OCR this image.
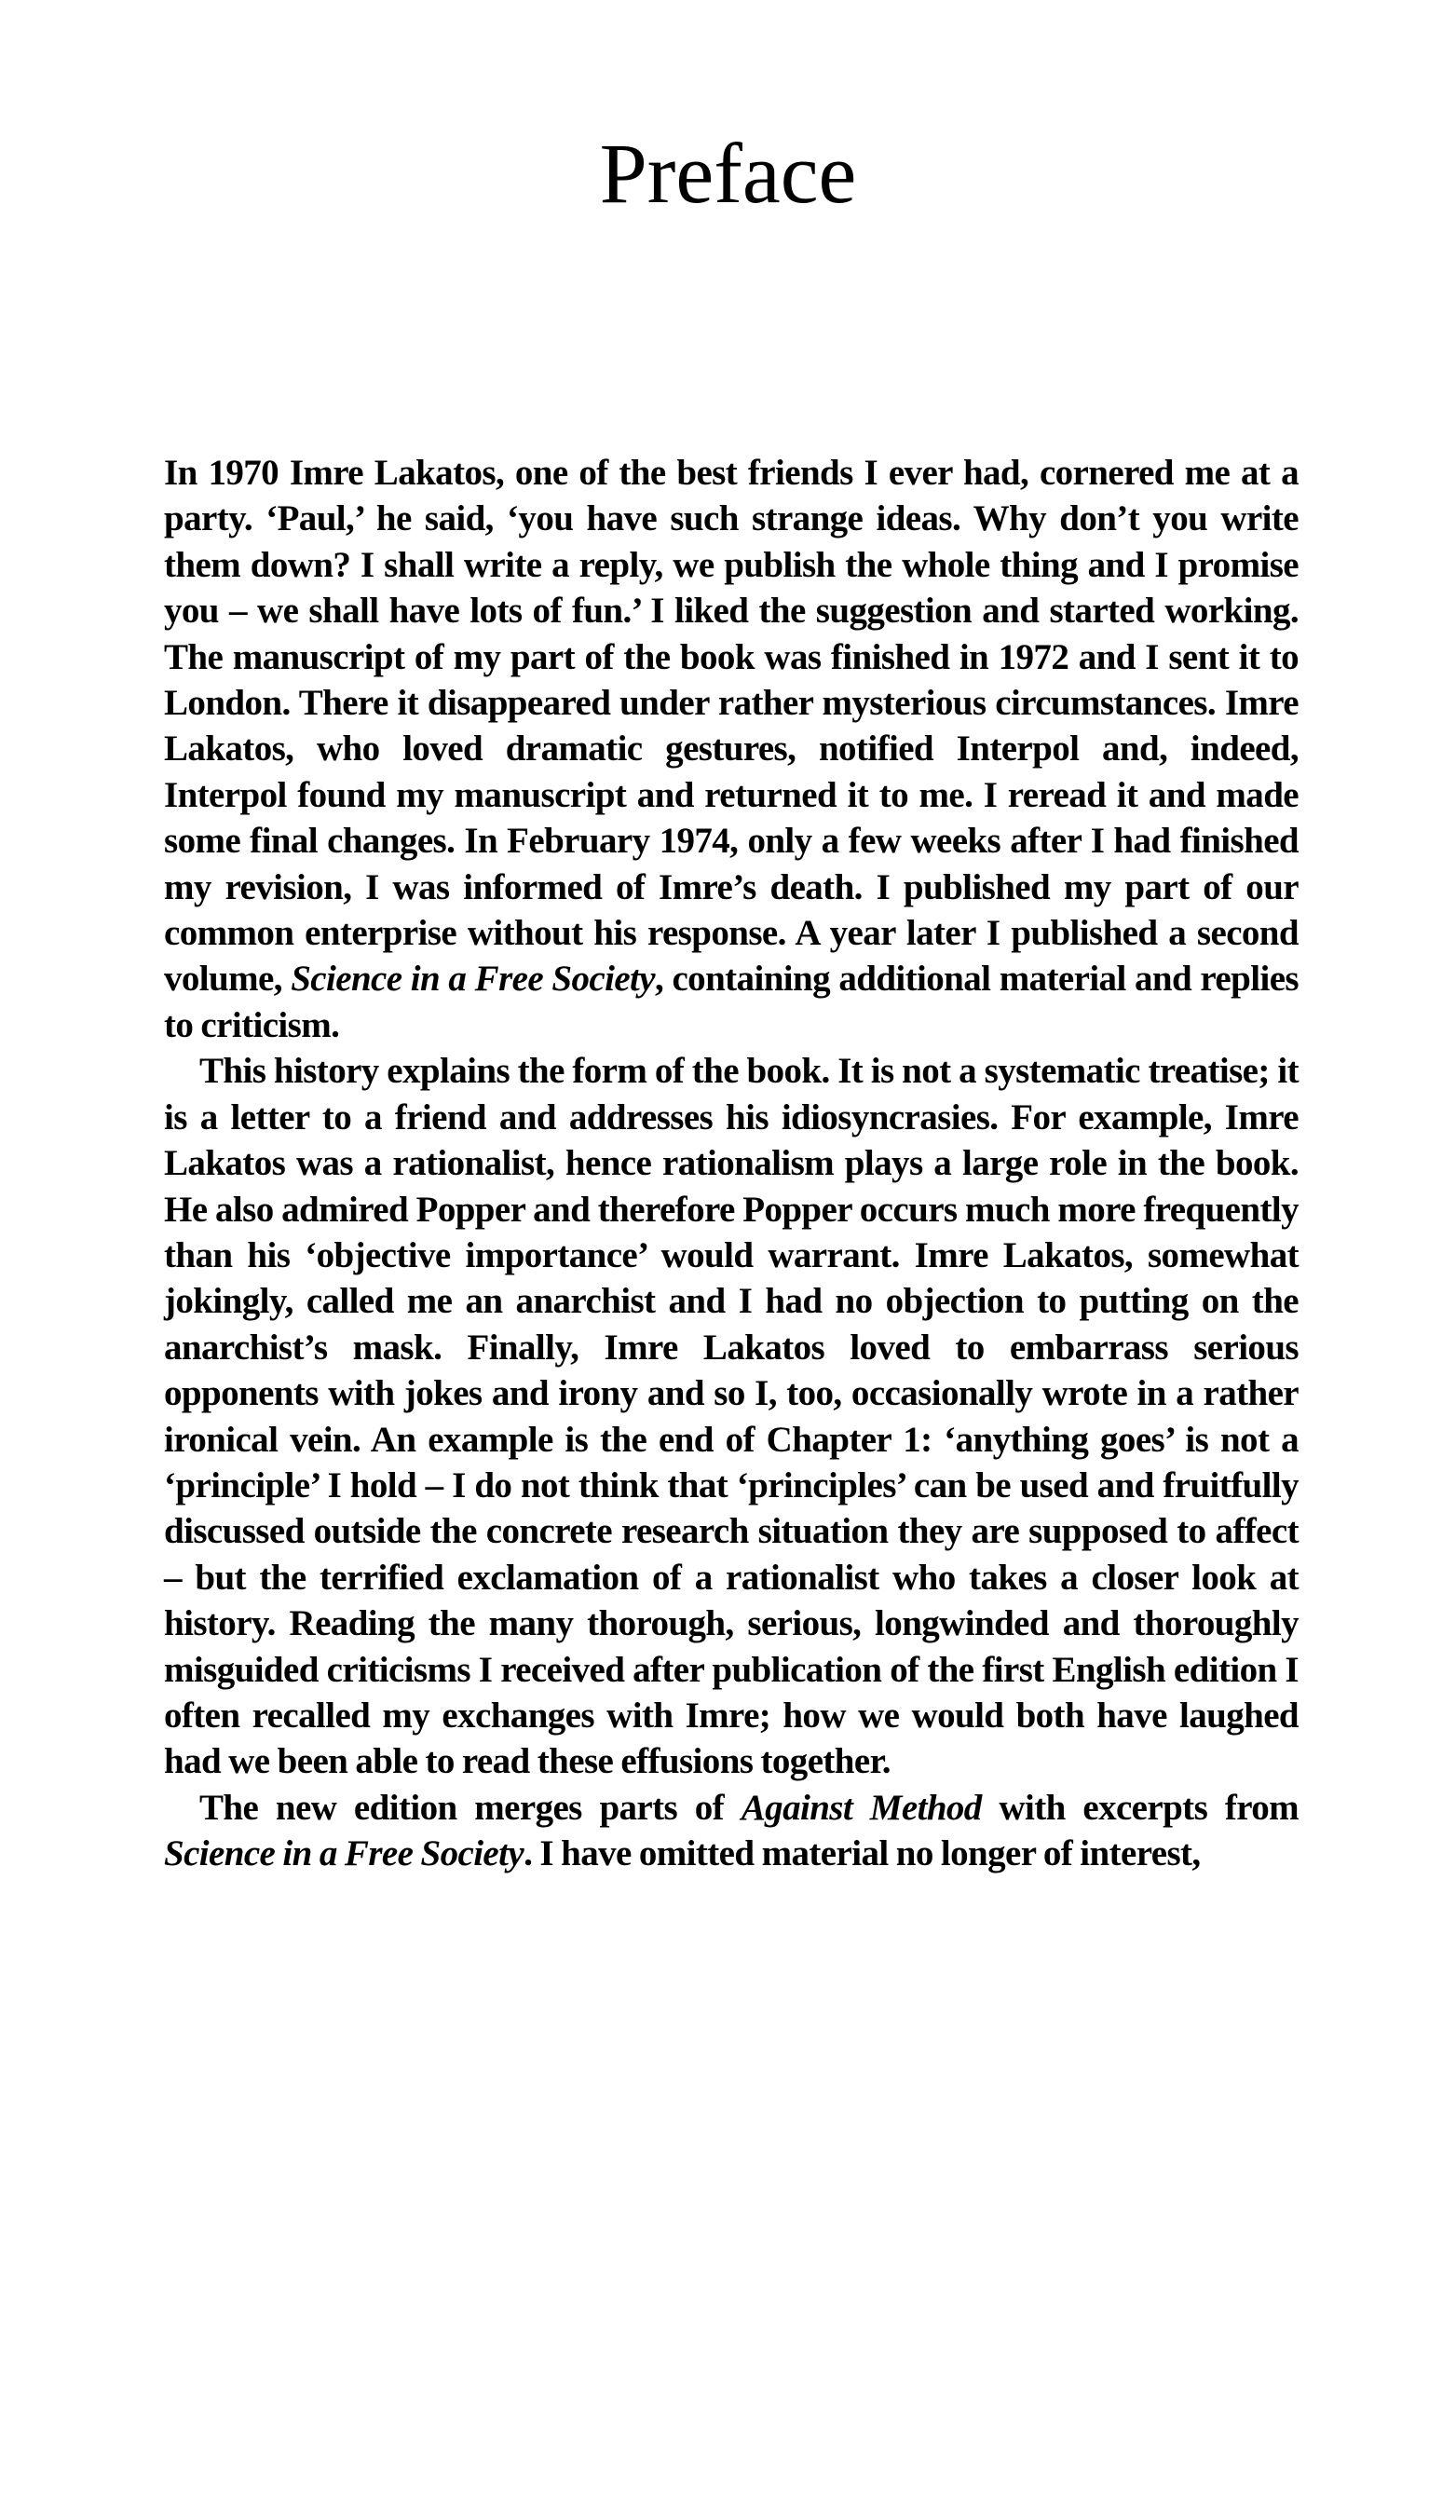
Preface

In 1970 Imre Lakatos, one of the best friends I ever had, cornered me at a party. ‘Paul,’ he said, ‘you have such strange ideas. Why don’t you write them down? I shall write a reply, we publish the whole thing and I promise you – we shall have lots of fun.’ I liked the suggestion and started working. The manuscript of my part of the book was finished in 1972 and I sent it to London. There it disappeared under rather mysterious circumstances. Imre Lakatos, who loved dramatic gestures, notified Interpol and, indeed, Interpol found my manuscript and returned it to me. I reread it and made some final changes. In February 1974, only a few weeks after I had finished my revision, I was informed of Imre’s death. I published my part of our common enterprise without his response. A year later I published a second volume, Science in a Free Society, containing additional material and replies to criticism.

This history explains the form of the book. It is not a systematic treatise; it is a letter to a friend and addresses his idiosyncrasies. For example, Imre Lakatos was a rationalist, hence rationalism plays a large role in the book. He also admired Popper and therefore Popper occurs much more frequently than his ‘objective importance’ would warrant. Imre Lakatos, somewhat jokingly, called me an anarchist and I had no objection to putting on the anarchist’s mask. Finally, Imre Lakatos loved to embarrass serious opponents with jokes and irony and so I, too, occasionally wrote in a rather ironical vein. An example is the end of Chapter 1: ‘anything goes’ is not a ‘principle’ I hold – I do not think that ‘principles’ can be used and fruitfully discussed outside the concrete research situation they are supposed to affect – but the terrified exclamation of a rationalist who takes a closer look at history. Reading the many thorough, serious, longwinded and thoroughly misguided criticisms I received after publication of the first English edition I often recalled my exchanges with Imre; how we would both have laughed had we been able to read these effusions together.

The new edition merges parts of Against Method with excerpts from Science in a Free Society. I have omitted material no longer of interest,
